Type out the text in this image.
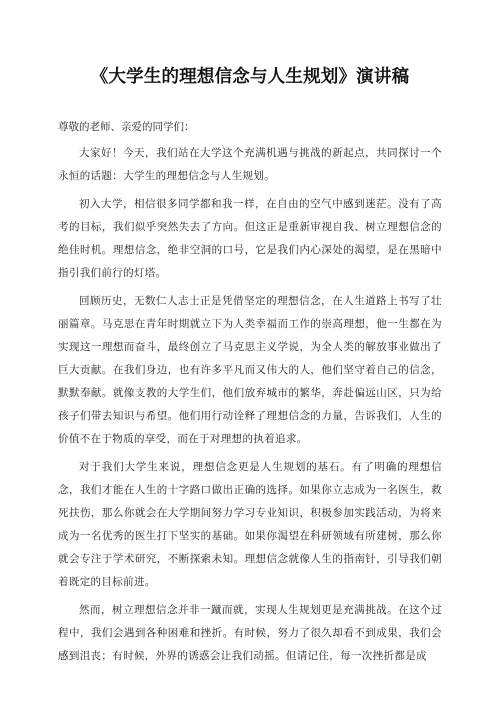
《大学生的理想信念与人生规划》演讲稿

尊敬的老师、亲爱的同学们：

大家好！今天，我们站在大学这个充满机遇与挑战的新起点，共同探讨一个永恒的话题：大学生的理想信念与人生规划。

初入大学，相信很多同学都和我一样，在自由的空气中感到迷茫。没有了高考的目标，我们似乎突然失去了方向。但这正是重新审视自我、树立理想信念的绝佳时机。理想信念，绝非空洞的口号，它是我们内心深处的渴望，是在黑暗中指引我们前行的灯塔。

回顾历史，无数仁人志士正是凭借坚定的理想信念，在人生道路上书写了壮丽篇章。马克思在青年时期就立下为人类幸福而工作的崇高理想，他一生都在为实现这一理想而奋斗，最终创立了马克思主义学说，为全人类的解放事业做出了巨大贡献。在我们身边，也有许多平凡而又伟大的人，他们坚守着自己的信念，默默奉献。就像支教的大学生们，他们放弃城市的繁华，奔赴偏远山区，只为给孩子们带去知识与希望。他们用行动诠释了理想信念的力量，告诉我们，人生的价值不在于物质的享受，而在于对理想的执着追求。

对于我们大学生来说，理想信念更是人生规划的基石。有了明确的理想信念，我们才能在人生的十字路口做出正确的选择。如果你立志成为一名医生，救死扶伤，那么你就会在大学期间努力学习专业知识，积极参加实践活动，为将来成为一名优秀的医生打下坚实的基础。如果你渴望在科研领域有所建树，那么你就会专注于学术研究，不断探索未知。理想信念就像人生的指南针，引导我们朝着既定的目标前进。

然而，树立理想信念并非一蹴而就，实现人生规划更是充满挑战。在这个过程中，我们会遇到各种困难和挫折。有时候，努力了很久却看不到成果，我们会感到沮丧；有时候，外界的诱惑会让我们动摇。但请记住，每一次挫折都是成
